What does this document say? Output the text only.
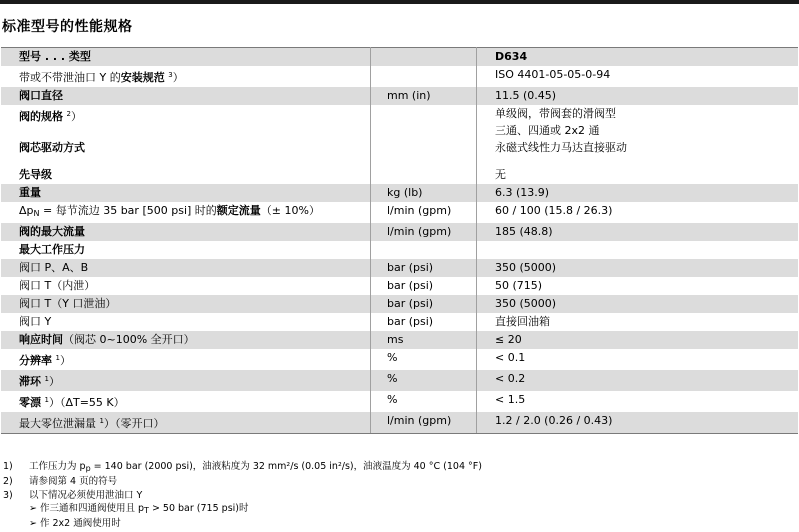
标准型号的性能规格
型号 . . . 类型		D634
带或不带泄油口 Y 的安装规范 $^3$）		ISO 4401-05-05-0-94
阀口直径	mm (in)	11.5 (0.45)
阀的规格 $^2$）		单级阀，带阀套的滑阀型
三通、四通或 2x2 通

阀芯驱动方式		永磁式线性力马达直接驱动
先导级		无
重量	kg (lb)	6.3 (13.9)
$\Delta p_N$ = 每节流边 35 bar [500 psi] 时的额定流量（± 10%）	l/min (gpm)	60 / 100 (15.8 / 26.3)
阀的最大流量	l/min (gpm)	185 (48.8)
最大工作压力		
阀口 P、A、B	bar (psi)	350 (5000)
阀口 T（内泄）	bar (psi)	50 (715)
阀口 T（Y 口泄油）	bar (psi)	350 (5000)
阀口 Y	bar (psi)	直接回油箱
响应时间（阀芯 0~100% 全开口）	ms	≤ 20
分辨率 $^1$）	%	< 0.1
滞环 $^1$）	%	< 0.2
零漂 $^1$）（ΔT=55 K）	%	< 1.5
最大零位泄漏量 $^1$）（零开口）	l/min (gpm)	1.2 / 2.0 (0.26 / 0.43)
1) 工作压力为 $p_p = 140$ bar (2000 psi)，油液粘度为 32 mm²/s (0.05 in²/s)，油液温度为 40 °C (104 °F)
2) 请参阅第 4 页的符号
3) 以下情况必须使用泄油口 Y
➢ 作三通和四通阀使用且 $p_T > 50$ bar (715 psi)时
➢ 作 2x2 通阀使用时
